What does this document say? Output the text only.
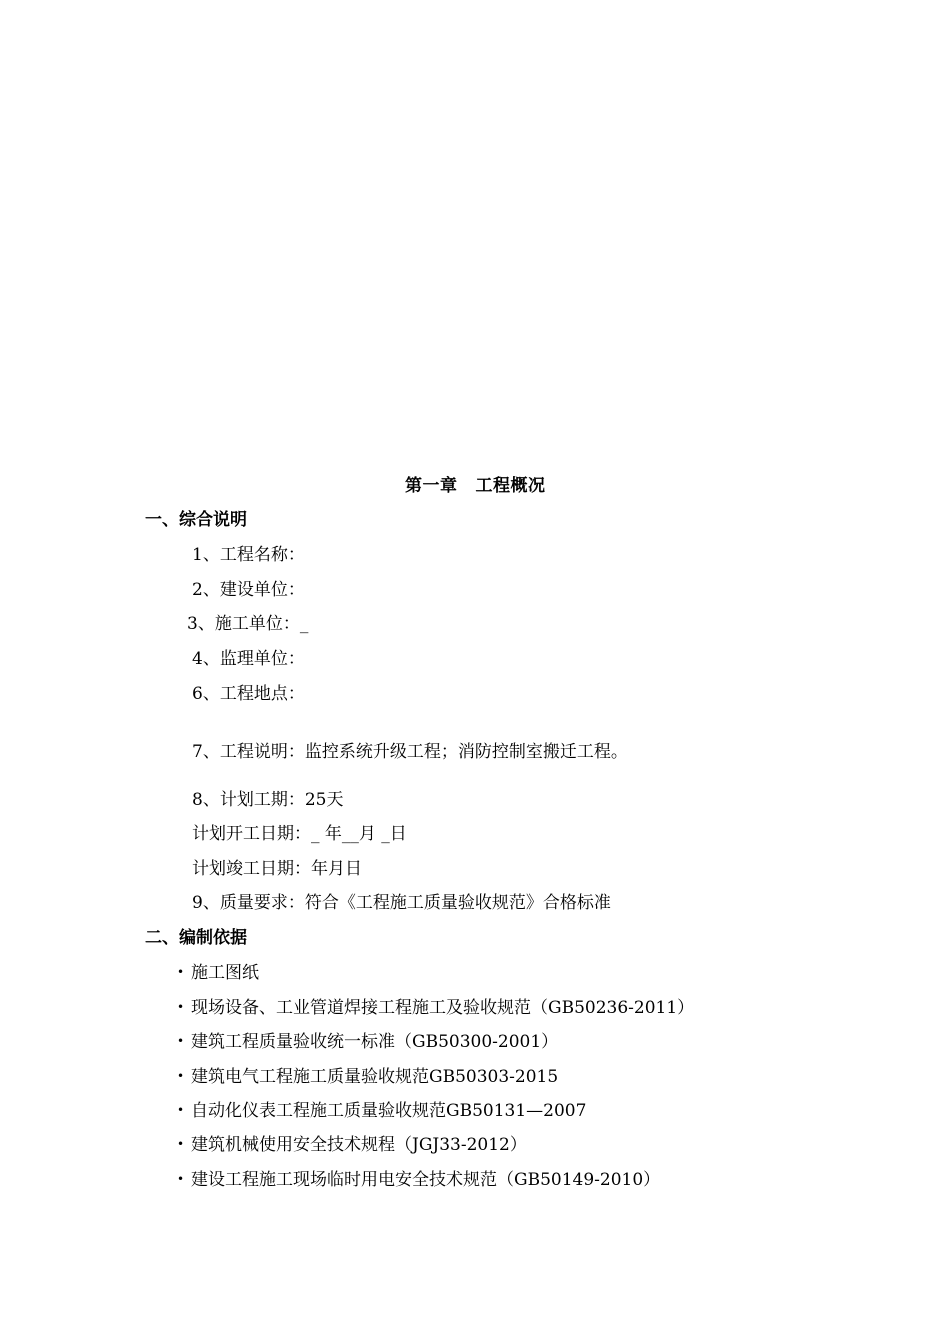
第一章 工程概况
一、综合说明
1、工程名称：
2、建设单位：
3、施工单位：_
4、监理单位：
6、工程地点：
7、工程说明：监控系统升级工程；消防控制室搬迁工程。
8、计划工期：25天
计划开工日期：_ 年__月 _日
计划竣工日期：年月日
9、质量要求：符合《工程施工质量验收规范》合格标准
二、编制依据
• 施工图纸
• 现场设备、工业管道焊接工程施工及验收规范（GB50236-2011）
• 建筑工程质量验收统一标准（GB50300-2001）
• 建筑电气工程施工质量验收规范GB50303-2015
• 自动化仪表工程施工质量验收规范GB50131—2007
• 建筑机械使用安全技术规程（JGJ33-2012）
• 建设工程施工现场临时用电安全技术规范（GB50149-2010）
